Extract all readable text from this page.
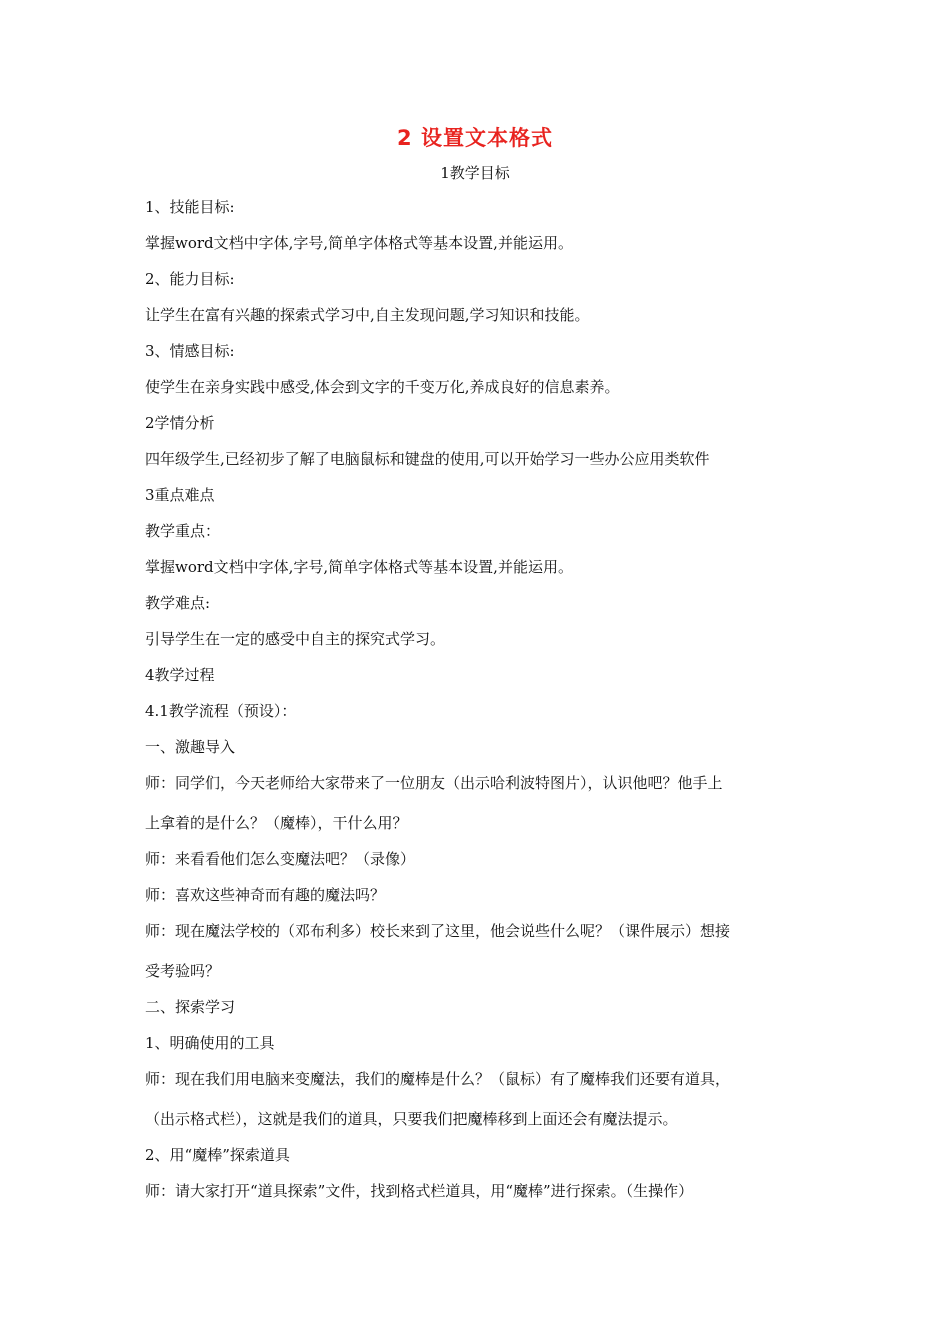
2 设置文本格式
1教学目标
1、技能目标:
掌握word文档中字体,字号,简单字体格式等基本设置,并能运用。
2、能力目标:
让学生在富有兴趣的探索式学习中,自主发现问题,学习知识和技能。
3、情感目标:
使学生在亲身实践中感受,体会到文字的千变万化,养成良好的信息素养。
2学情分析
四年级学生,已经初步了解了电脑鼠标和键盘的使用,可以开始学习一些办公应用类软件
3重点难点
教学重点：
掌握word文档中字体,字号,简单字体格式等基本设置,并能运用。
教学难点:
引导学生在一定的感受中自主的探究式学习。
4教学过程
4.1教学流程（预设）：
一、激趣导入
师：同学们，今天老师给大家带来了一位朋友（出示哈利波特图片），认识他吧？他手上
上拿着的是什么？（魔棒），干什么用？
师：来看看他们怎么变魔法吧？（录像）
师：喜欢这些神奇而有趣的魔法吗？
师：现在魔法学校的（邓布利多）校长来到了这里，他会说些什么呢？（课件展示）想接
受考验吗？
二、探索学习
1、明确使用的工具
师：现在我们用电脑来变魔法，我们的魔棒是什么？（鼠标）有了魔棒我们还要有道具，
（出示格式栏），这就是我们的道具，只要我们把魔棒移到上面还会有魔法提示。
2、用“魔棒”探索道具
师：请大家打开“道具探索”文件，找到格式栏道具，用“魔棒”进行探索。（生操作）
